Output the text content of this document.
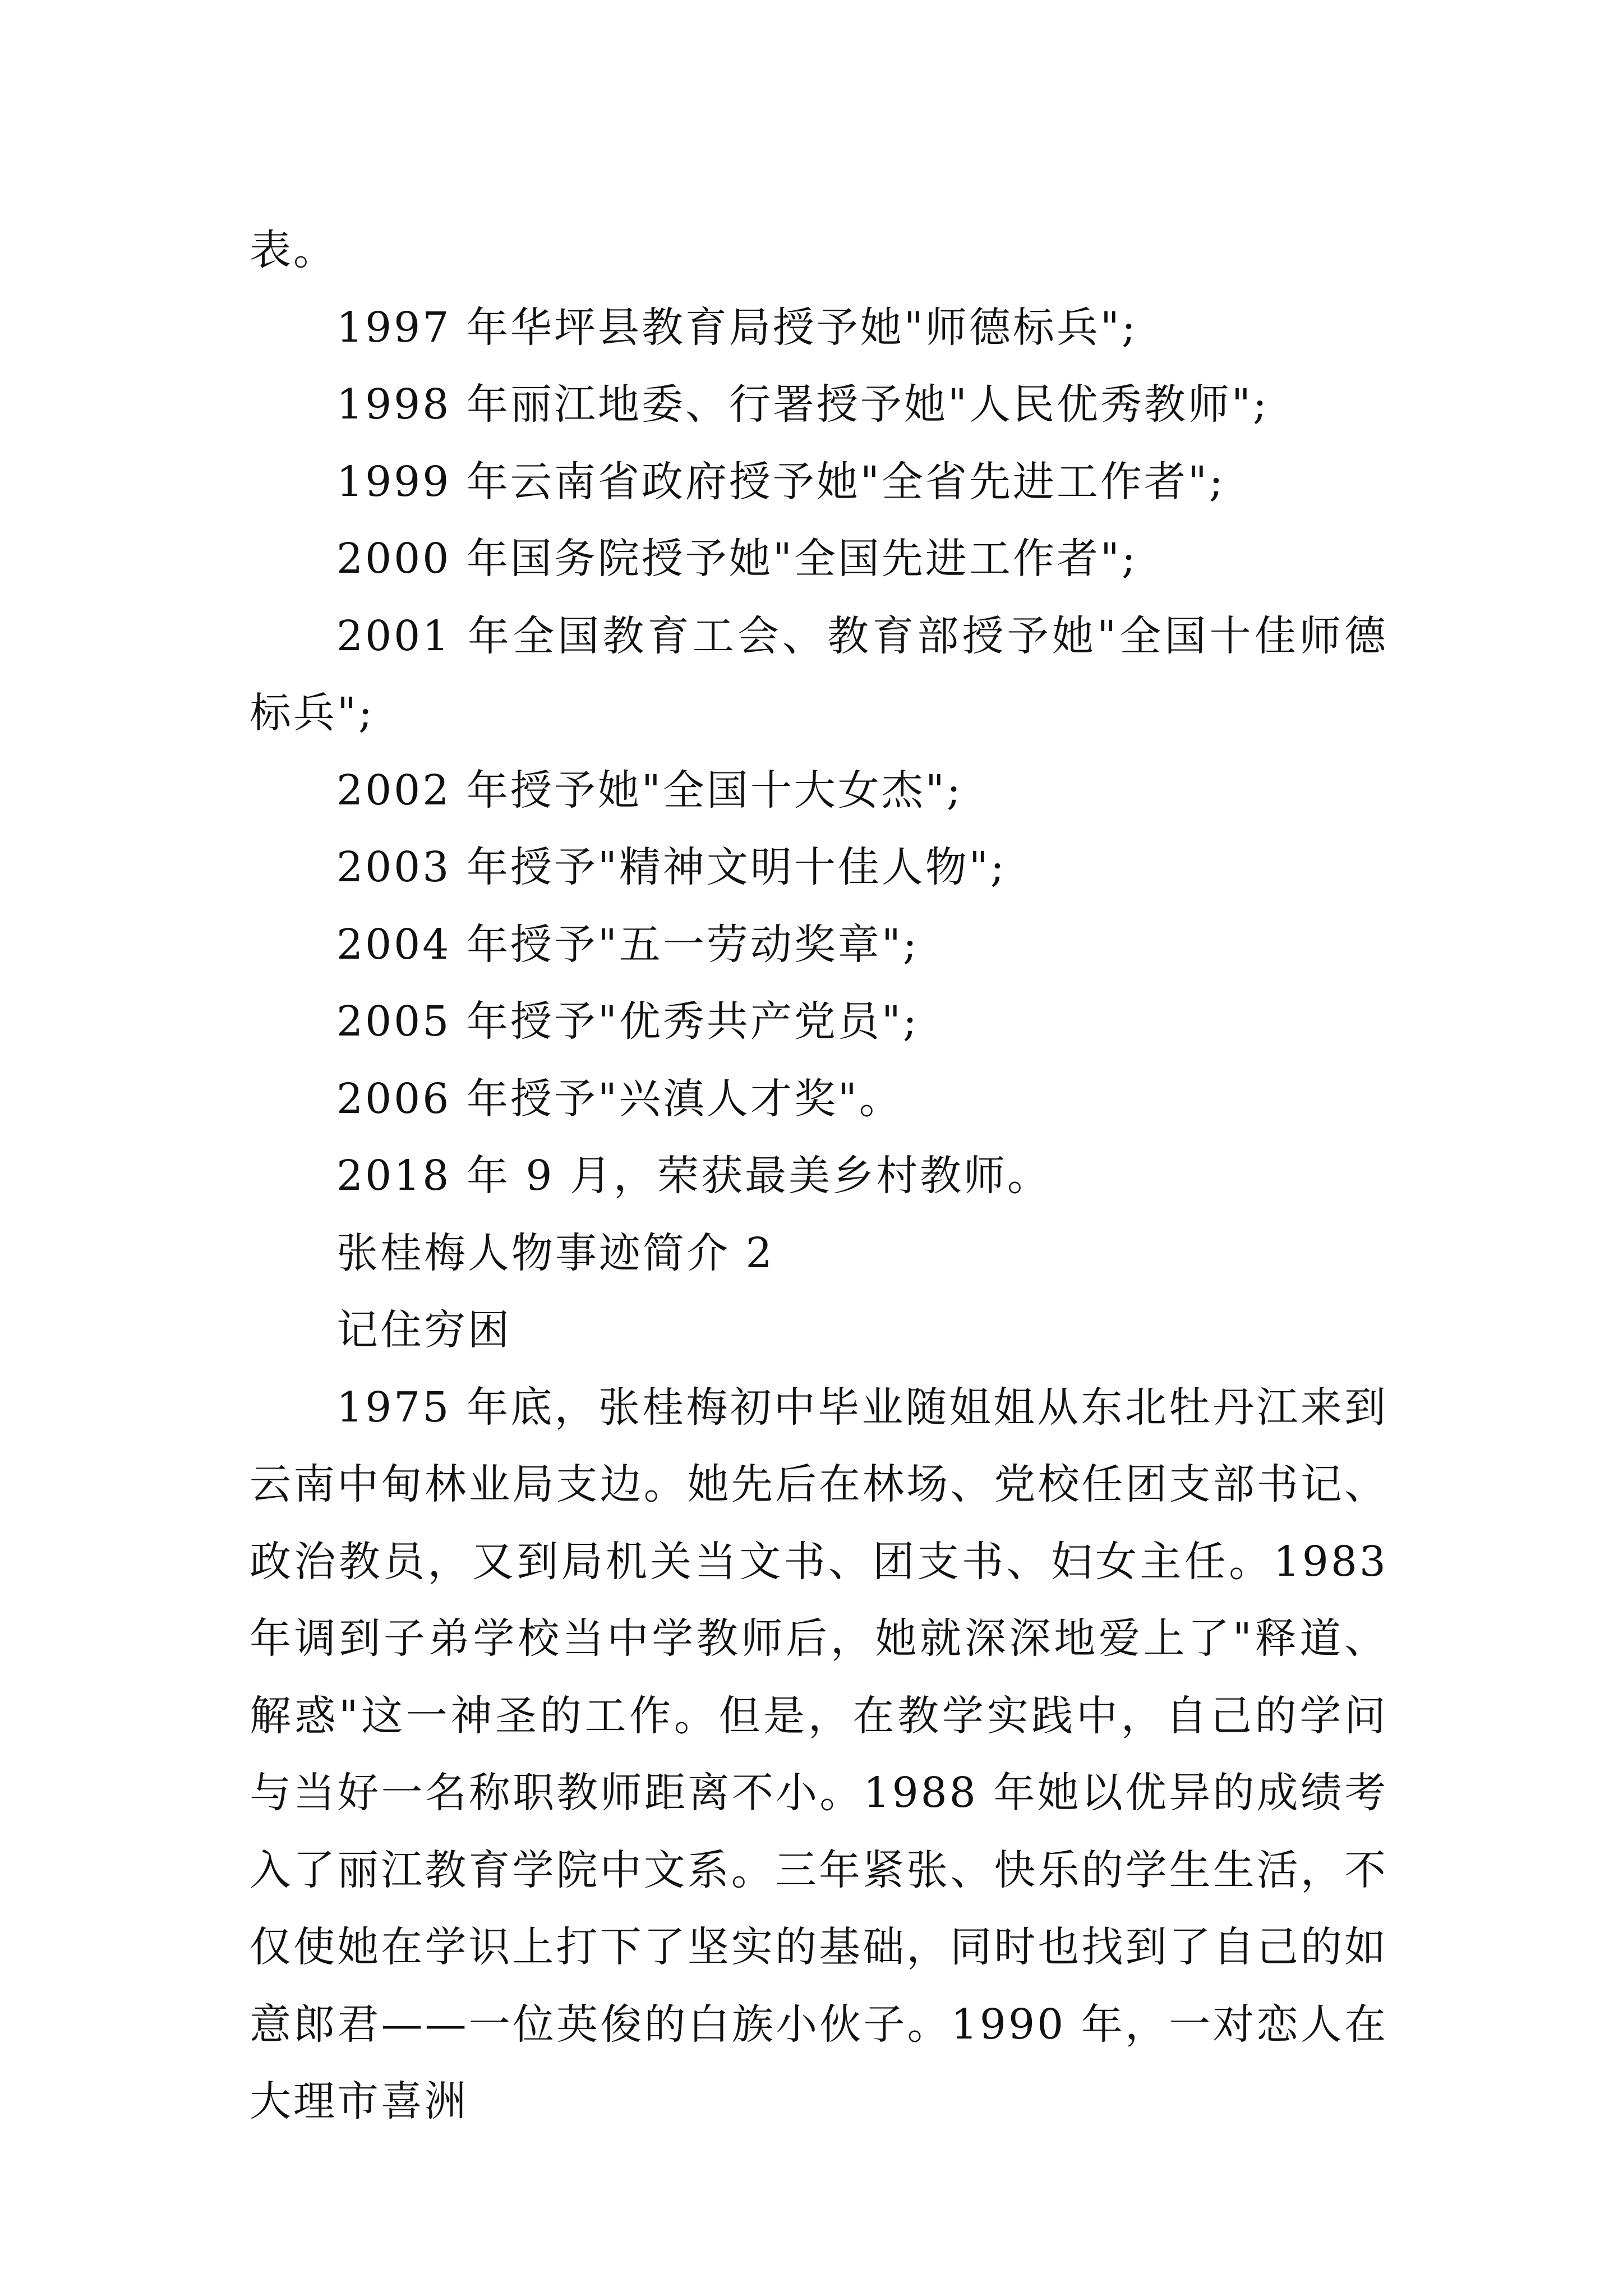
表。

1997 年华坪县教育局授予她"师德标兵";

1998 年丽江地委、行署授予她"人民优秀教师";

1999 年云南省政府授予她"全省先进工作者";

2000 年国务院授予她"全国先进工作者";

2001 年全国教育工会、教育部授予她"全国十佳师德标兵";

2002 年授予她"全国十大女杰";

2003 年授予"精神文明十佳人物";

2004 年授予"五一劳动奖章";

2005 年授予"优秀共产党员";

2006 年授予"兴滇人才奖"。

2018 年 9 月，荣获最美乡村教师。

张桂梅人物事迹简介 2

记住穷困

1975 年底，张桂梅初中毕业随姐姐从东北牡丹江来到云南中甸林业局支边。她先后在林场、党校任团支部书记、政治教员，又到局机关当文书、团支书、妇女主任。1983 年调到子弟学校当中学教师后，她就深深地爱上了"释道、解惑"这一神圣的工作。但是，在教学实践中，自己的学问与当好一名称职教师距离不小。1988 年她以优异的成绩考入了丽江教育学院中文系。三年紧张、快乐的学生生活，不仅使她在学识上打下了坚实的基础，同时也找到了自己的如意郎君——一位英俊的白族小伙子。1990 年，一对恋人在大理市喜洲
